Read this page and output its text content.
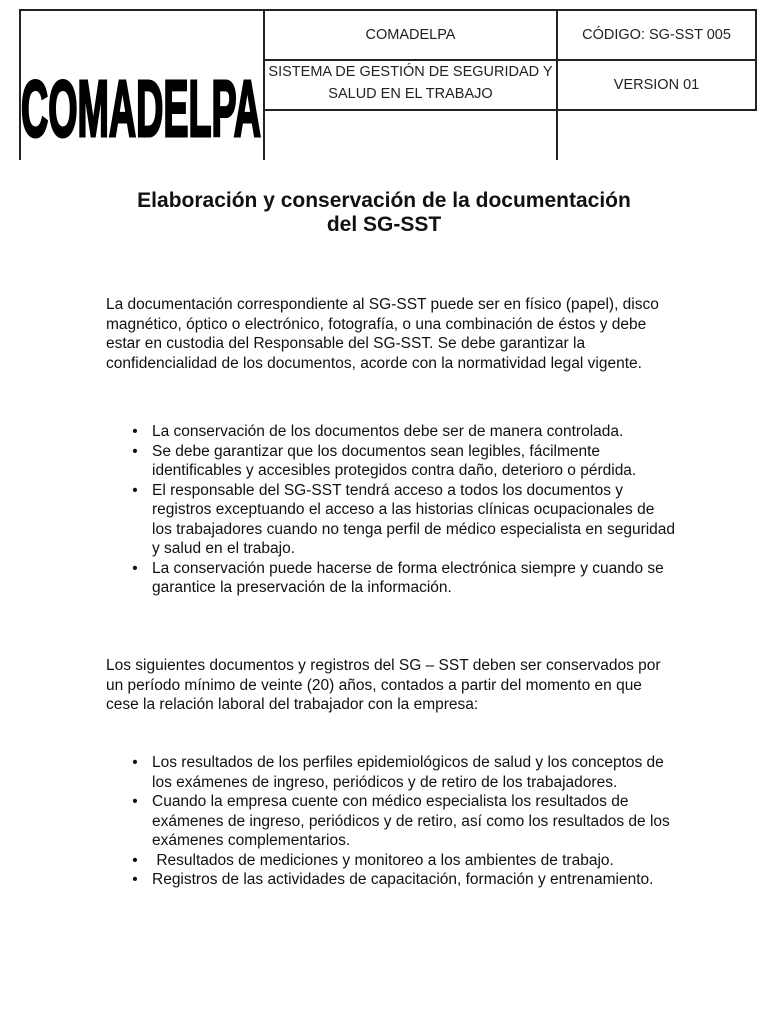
COMADELPA
COMADELPA	CÓDIGO: SG-SST 005
SISTEMA DE GESTIÓN DE SEGURIDAD Y
SALUD EN EL TRABAJO
VERSION 01
Elaboración y conservación de la documentación
del SG-SST
La documentación correspondiente al SG-SST puede ser en físico (papel), disco magnético, óptico o electrónico, fotografía, o una combinación de éstos y debe estar en custodia del Responsable del SG-SST. Se debe garantizar la confidencialidad de los documentos, acorde con la normatividad legal vigente.
• La conservación de los documentos debe ser de manera controlada.
• Se debe garantizar que los documentos sean legibles, fácilmente identificables y accesibles protegidos contra daño, deterioro o pérdida.
• El responsable del SG-SST tendrá acceso a todos los documentos y registros exceptuando el acceso a las historias clínicas ocupacionales de los trabajadores cuando no tenga perfil de médico especialista en seguridad y salud en el trabajo.
• La conservación puede hacerse de forma electrónica siempre y cuando se garantice la preservación de la información.
Los siguientes documentos y registros del SG – SST deben ser conservados por un período mínimo de veinte (20) años, contados a partir del momento en que cese la relación laboral del trabajador con la empresa:
• Los resultados de los perfiles epidemiológicos de salud y los conceptos de los exámenes de ingreso, periódicos y de retiro de los trabajadores.
• Cuando la empresa cuente con médico especialista los resultados de exámenes de ingreso, periódicos y de retiro, así como los resultados de los exámenes complementarios.
• Resultados de mediciones y monitoreo a los ambientes de trabajo.
• Registros de las actividades de capacitación, formación y entrenamiento.
